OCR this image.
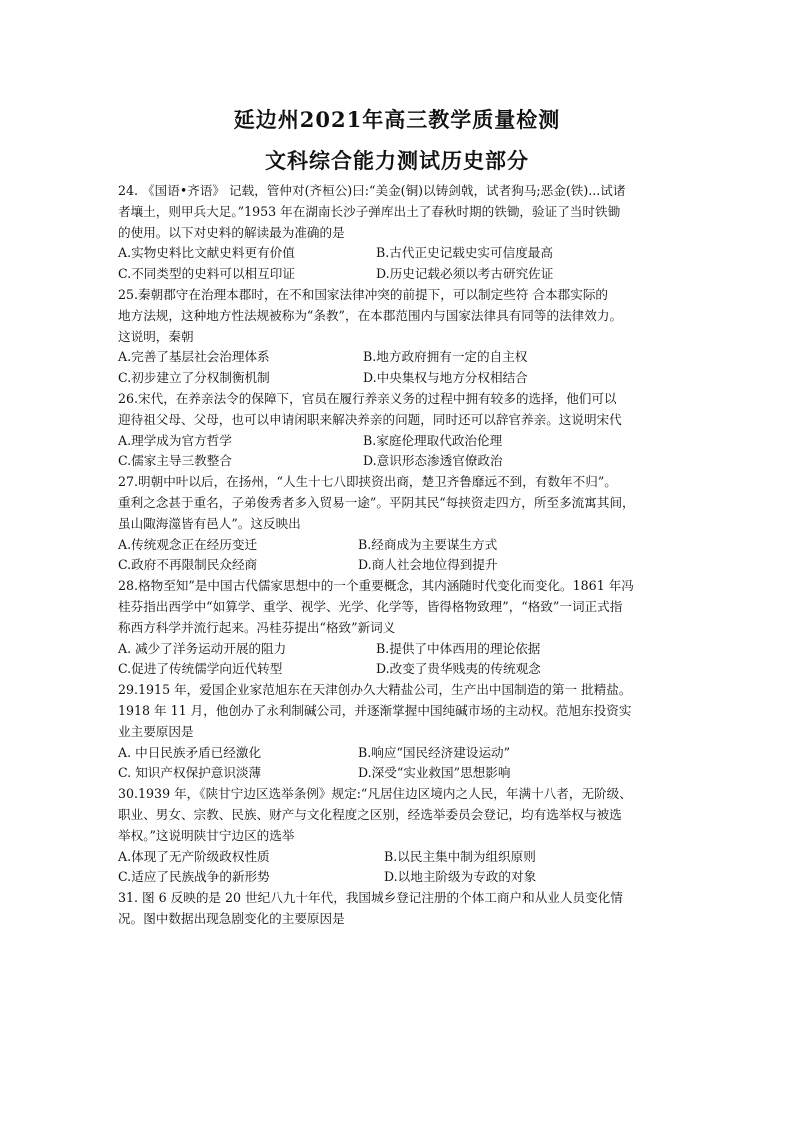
延边州2021年高三教学质量检测
文科综合能力测试历史部分
24. 《国语•齐语》 记载，管仲对(齐桓公)曰:“美金(铜)以铸剑戟，试者狗马;恶金(铁)...试诸
者壤土，则甲兵大足。”1953 年在湖南长沙子弹库出土了春秋时期的铁锄，验证了当时铁锄
的使用。以下对史料的解读最为准确的是
A.实物史料比文献史料更有价值	B.古代正史记载史实可信度最高
C.不同类型的史料可以相互印证	D.历史记载必须以考古研究佐证
25.秦朝郡守在治理本郡时，在不和国家法律冲突的前提下，可以制定些符 合本郡实际的
地方法规，这种地方性法规被称为“条教”，在本郡范围内与国家法律具有同等的法律效力。
这说明，秦朝
A.完善了基层社会治理体系	B.地方政府拥有一定的自主权
C.初步建立了分权制衡机制	D.中央集权与地方分权相结合
26.宋代，在养亲法令的保障下，官员在履行养亲义务的过程中拥有较多的选择，他们可以
迎待祖父母、父母，也可以申请闲职来解决养亲的问题，同时还可以辞官养亲。这说明宋代
A.理学成为官方哲学	B.家庭伦理取代政治伦理
C.儒家主导三教整合	D.意识形态渗透官僚政治
27.明朝中叶以后，在扬州，“人生十七八即挟资出商，楚卫齐鲁靡远不到，有数年不归”。
重利之念甚于重名，子弟俊秀者多入贸易一途”。平阴其民“每挟资走四方，所至多流寓其间，
虽山陬海澨皆有邑人”。这反映出
A.传统观念正在经历变迁	B.经商成为主要谋生方式
C.政府不再限制民众经商	D.商人社会地位得到提升
28.格物至知”是中国古代儒家思想中的一个重要概念，其内涵随时代变化而变化。1861 年冯
桂芬指出西学中“如算学、重学、视学、光学、化学等，皆得格物致理”，“格致”一词正式指
称西方科学并流行起来。冯桂芬提出“格致”新词义
A. 减少了洋务运动开展的阻力	B.提供了中体西用的理论依据
C.促进了传统儒学向近代转型	D.改变了贵华贱夷的传统观念
29.1915 年，爱国企业家范旭东在天津创办久大精盐公司，生产出中国制造的第一 批精盐。
1918 年 11 月，他创办了永利制碱公司，并逐渐掌握中国纯碱市场的主动权。范旭东投资实
业主要原因是
A. 中日民族矛盾已经激化	B.响应“国民经济建设运动”
C. 知识产权保护意识淡薄	D.深受“实业救国”思想影响
30.1939 年，《陕甘宁边区选举条例》规定:“凡居住边区境内之人民，年满十八者，无阶级、
职业、男女、宗教、民族、财产与文化程度之区别，经选举委员会登记，均有选举权与被选
举权。”这说明陕甘宁边区的选举
A.体现了无产阶级政权性质	B.以民主集中制为组织原则
C.适应了民族战争的新形势	D.以地主阶级为专政的对象
31. 图 6 反映的是 20 世纪八九十年代，我国城乡登记注册的个体工商户和从业人员变化情
况。图中数据出现急剧变化的主要原因是
